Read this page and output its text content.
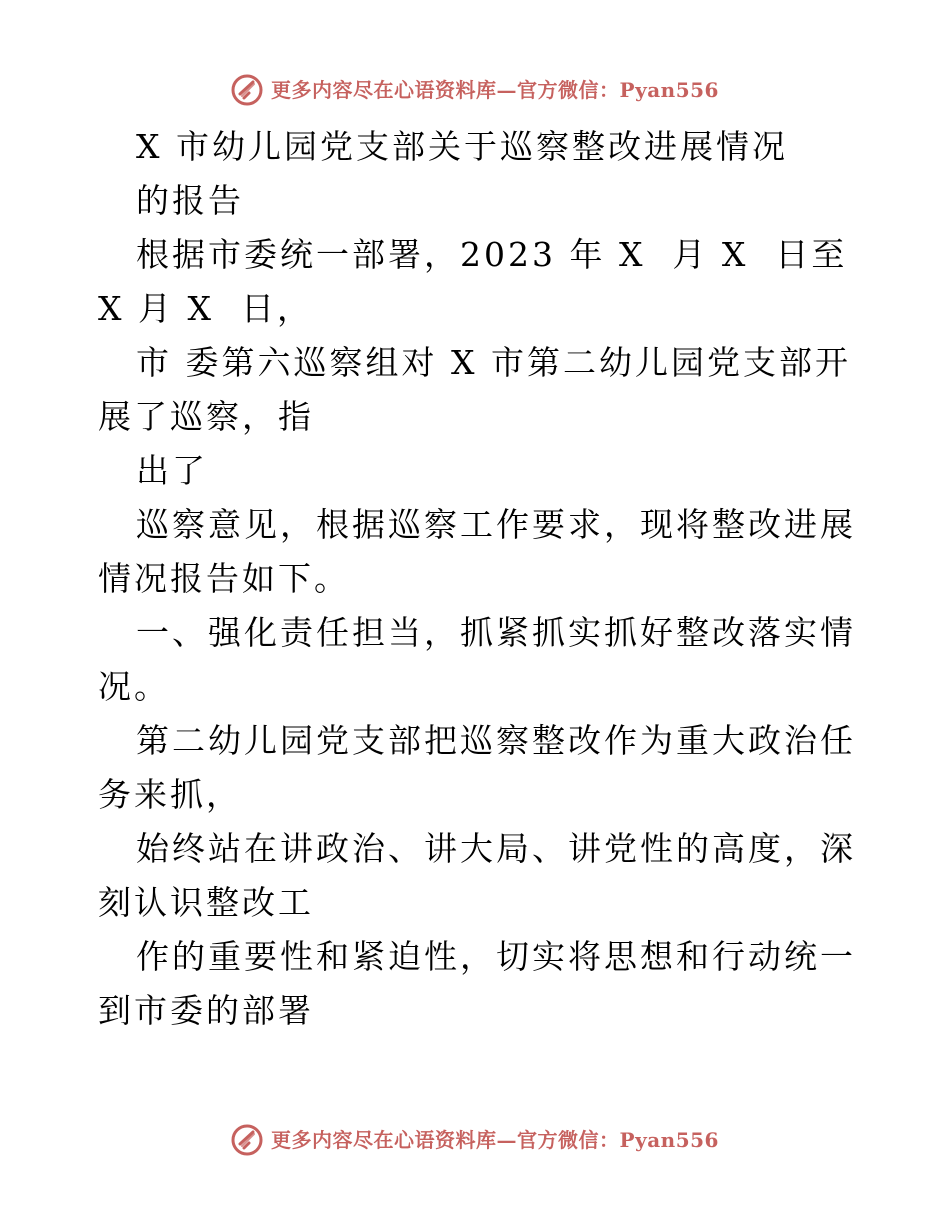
更多内容尽在心语资料库—官方微信：Pyan556

X 市幼儿园党支部关于巡察整改进展情况

的报告

根据市委统一部署，2023 年 X  月 X  日至 X 月 X  日，

市 委第六巡察组对 X 市第二幼儿园党支部开展了巡察，指

出了

巡察意见，根据巡察工作要求，现将整改进展情况报告如下。

一、强化责任担当，抓紧抓实抓好整改落实情况。

第二幼儿园党支部把巡察整改作为重大政治任务来抓，

始终站在讲政治、讲大局、讲党性的高度，深刻认识整改工

作的重要性和紧迫性，切实将思想和行动统一到市委的部署

更多内容尽在心语资料库—官方微信：Pyan556
